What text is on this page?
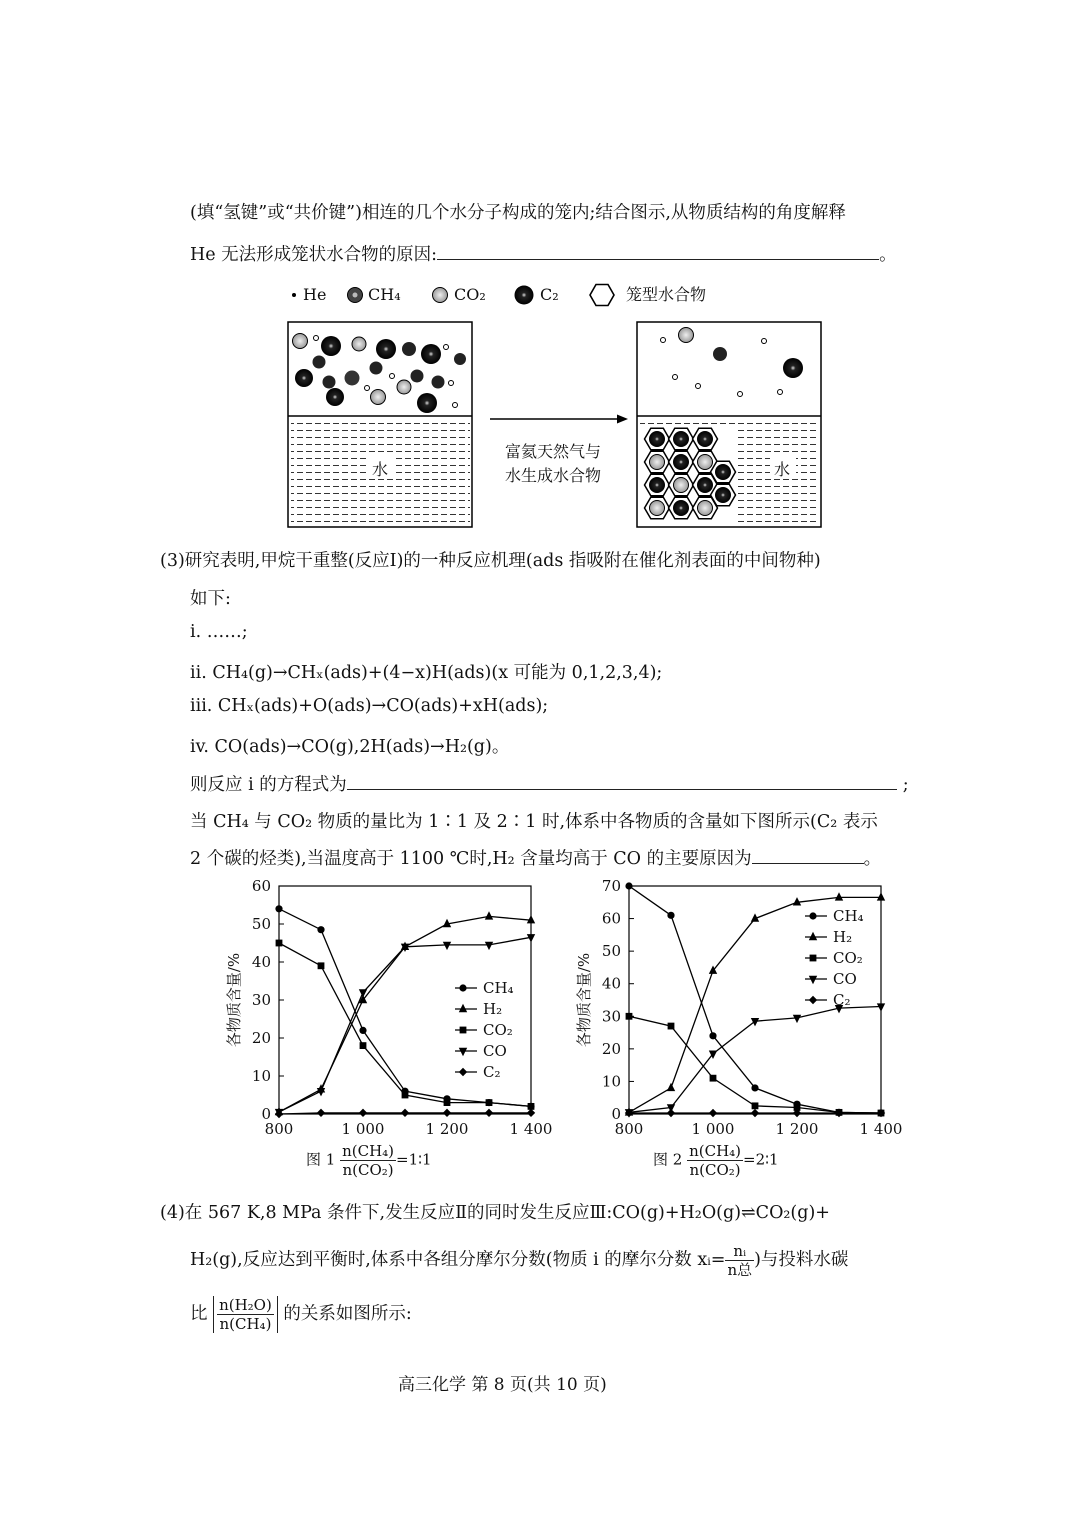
(填“氢键”或“共价键”)相连的几个水分子构成的笼内;结合图示,从物质结构的角度解释
He 无法形成笼状水合物的原因:	。
He	CH₄	CO₂	C₂	笼型水合物
水
富氦天然气与
水生成水合物	水
(3)研究表明,甲烷干重整(反应Ⅰ)的一种反应机理(ads 指吸附在催化剂表面的中间物种)
如下:
i. ……;
ii. CH₄(g)→CHₓ(ads)+(4−x)H(ads)(x 可能为 0,1,2,3,4);
iii. CHₓ(ads)+O(ads)→CO(ads)+xH(ads);
iv. CO(ads)→CO(g),2H(ads)→H₂(g)。
则反应 i 的方程式为	;
当 CH₄ 与 CO₂ 物质的量比为 1∶1 及 2∶1 时,体系中各物质的含量如下图所示(C₂ 表示
2 个碳的烃类),当温度高于 1100 ℃时,H₂ 含量均高于 CO 的主要原因为	。
0
10
20
30
40
50
60
800	1 000	1 200	1 400
各物质含量/%	CH₄
H₂
CO₂
CO
C₂
0
10
20
30
40
50
60
70
800	1 000	1 200	1 400
各物质含量/%
CH₄
H₂
CO₂
CO
C₂
图 $1 \frac{\text{n(CH₄)}}{\text{n(CO₂)}}$ =1∶1	图 $2 \frac{\text{n(CH₄)}}{\text{n(CO₂)}}$ =2∶1
(4)在 567 K,8 MPa 条件下,发生反应Ⅱ的同时发生反应Ⅲ:CO(g)+H₂O(g)⇌CO₂(g)+
H₂(g),反应达到平衡时,体系中各组分摩尔分数(物质 i 的摩尔分数 xᵢ= $\frac{\text{nᵢ}}{\text{n总}}$ )与投料水碳
比 $\frac{\text{n(H₂O)}}{\text{n(CH₄)}}$ 的关系如图所示:
高三化学 第 8 页(共 10 页)
